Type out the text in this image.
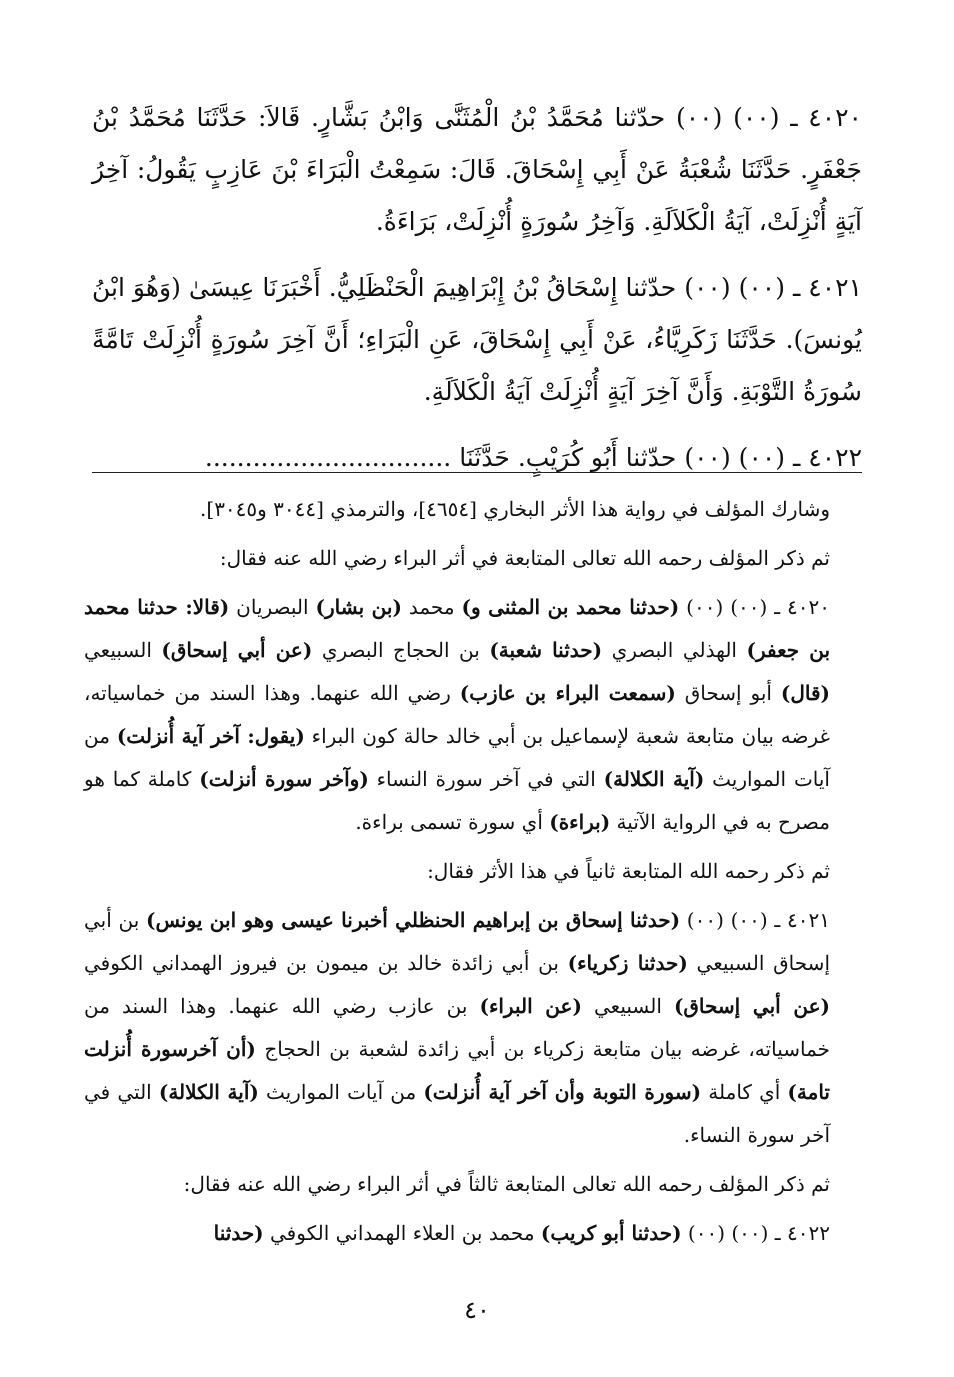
٤٠٢٠ ـ (٠٠) (٠٠) حدّثنا مُحَمَّدُ بْنُ الْمُثَنَّى وَابْنُ بَشَّارٍ. قَالاَ: حَدَّثَنَا مُحَمَّدُ بْنُ جَعْفَرٍ. حَدَّثَنَا شُعْبَةُ عَنْ أَبِي إِسْحَاقَ. قَالَ: سَمِعْتُ الْبَرَاءَ بْنَ عَازِبٍ يَقُولُ: آخِرُ آيَةٍ أُنْزِلَتْ، آيَةُ الْكَلاَلَةِ. وَآخِرُ سُورَةٍ أُنْزِلَتْ، بَرَاءَةُ.

٤٠٢١ ـ (٠٠) (٠٠) حدّثنا إِسْحَاقُ بْنُ إِبْرَاهِيمَ الْحَنْظَلِيُّ. أَخْبَرَنَا عِيسَىٰ (وَهُوَ ابْنُ يُونسَ). حَدَّثَنَا زَكَرِيَّاءُ، عَنْ أَبِي إِسْحَاقَ، عَنِ الْبَرَاءِ؛ أَنَّ آخِرَ سُورَةٍ أُنْزِلَتْ تَامَّةً سُورَةُ التَّوْبَةِ. وَأَنَّ آخِرَ آيَةٍ أُنْزِلَتْ آيَةُ الْكَلاَلَةِ.

٤٠٢٢ ـ (٠٠) (٠٠) حدّثنا أَبُو كُرَيْبٍ. حَدَّثَنَا ...............................

وشارك المؤلف في رواية هذا الأثر البخاري [٤٦٥٤]، والترمذي [٣٠٤٤ و٣٠٤٥].

ثم ذكر المؤلف رحمه الله تعالى المتابعة في أثر البراء رضي الله عنه فقال:

٤٠٢٠ ـ (٠٠) (٠٠) (حدثنا محمد بن المثنى و) محمد (بن بشار) البصريان (قالا: حدثنا محمد بن جعفر) الهذلي البصري (حدثنا شعبة) بن الحجاج البصري (عن أبي إسحاق) السبيعي (قال) أبو إسحاق (سمعت البراء بن عازب) رضي الله عنهما. وهذا السند من خماسياته، غرضه بيان متابعة شعبة لإسماعيل بن أبي خالد حالة كون البراء (يقول: آخر آية أُنزلت) من آيات المواريث (آية الكلالة) التي في آخر سورة النساء (وآخر سورة أنزلت) كاملة كما هو مصرح به في الرواية الآتية (براءة) أي سورة تسمى براءة.

ثم ذكر رحمه الله المتابعة ثانياً في هذا الأثر فقال:

٤٠٢١ ـ (٠٠) (٠٠) (حدثنا إسحاق بن إبراهيم الحنظلي أخبرنا عيسى وهو ابن يونس) بن أبي إسحاق السبيعي (حدثنا زكرياء) بن أبي زائدة خالد بن ميمون بن فيروز الهمداني الكوفي (عن أبي إسحاق) السبيعي (عن البراء) بن عازب رضي الله عنهما. وهذا السند من خماسياته، غرضه بيان متابعة زكرياء بن أبي زائدة لشعبة بن الحجاج (أن آخرسورة أُنزلت تامة) أي كاملة (سورة التوبة وأن آخر آية أُنزلت) من آيات المواريث (آية الكلالة) التي في آخر سورة النساء.

ثم ذكر المؤلف رحمه الله تعالى المتابعة ثالثاً في أثر البراء رضي الله عنه فقال:

٤٠٢٢ ـ (٠٠) (٠٠) (حدثنا أبو كريب) محمد بن العلاء الهمداني الكوفي (حدثنا

٤٠
